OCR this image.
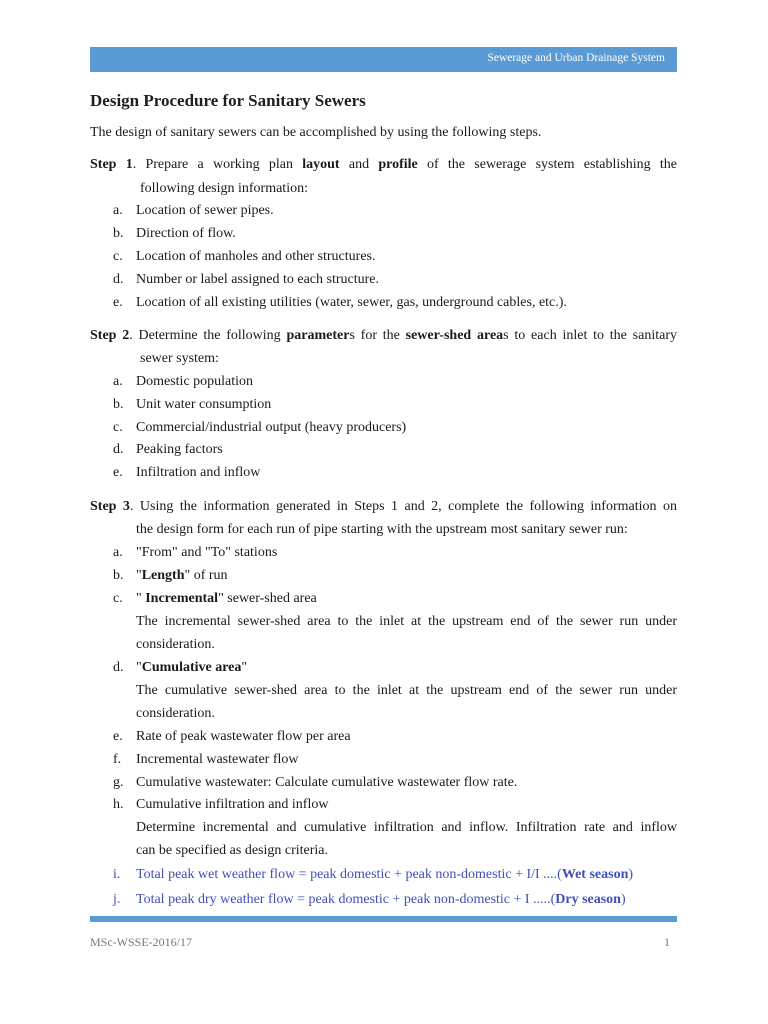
Sewerage and Urban Drainage System
Design Procedure for Sanitary Sewers
The design of sanitary sewers can be accomplished by using the following steps.
Step 1. Prepare a working plan layout and profile of the sewerage system establishing the
following design information:
a. Location of sewer pipes.
b. Direction of flow.
c. Location of manholes and other structures.
d. Number or label assigned to each structure.
e. Location of all existing utilities (water, sewer, gas, underground cables, etc.).
Step 2. Determine the following parameters for the sewer-shed areas to each inlet to the sanitary
sewer system:
a. Domestic population
b. Unit water consumption
c. Commercial/industrial output (heavy producers)
d. Peaking factors
e. Infiltration and inflow
Step 3. Using the information generated in Steps 1 and 2, complete the following information on
the design form for each run of pipe starting with the upstream most sanitary sewer run:
a. "From" and "To" stations
b. "Length" of run
c. " Incremental" sewer-shed area
The incremental sewer-shed area to the inlet at the upstream end of the sewer run under
consideration.
d. "Cumulative area"
The cumulative sewer-shed area to the inlet at the upstream end of the sewer run under
consideration.
e. Rate of peak wastewater flow per area
f. Incremental wastewater flow
g. Cumulative wastewater: Calculate cumulative wastewater flow rate.
h. Cumulative infiltration and inflow
Determine incremental and cumulative infiltration and inflow. Infiltration rate and inflow
can be specified as design criteria.
i. Total peak wet weather flow = peak domestic + peak non-domestic + I/I ....(Wet season)
j. Total peak dry weather flow = peak domestic + peak non-domestic + I .....(Dry season)
MSc-WSSE-2016/17	1
